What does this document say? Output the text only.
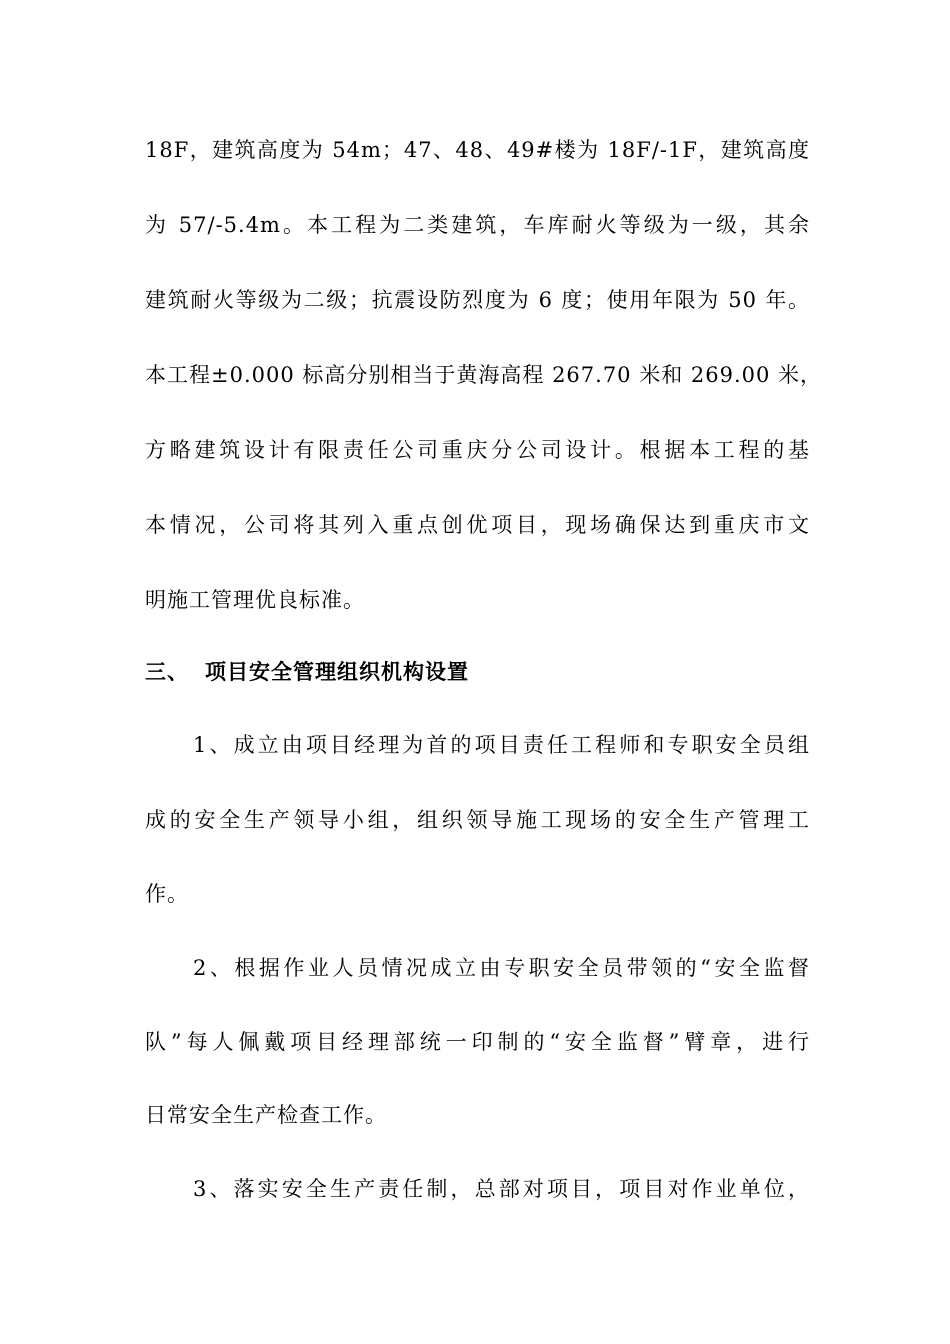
18F，建筑高度为 54m；47、48、49#楼为 18F/-1F，建筑高度
为 57/-5.4m。本工程为二类建筑，车库耐火等级为一级，其余
建筑耐火等级为二级；抗震设防烈度为 6 度；使用年限为 50 年。
本工程±0.000 标高分别相当于黄海高程 267.70 米和 269.00 米，
方略建筑设计有限责任公司重庆分公司设计。根据本工程的基
本情况，公司将其列入重点创优项目，现场确保达到重庆市文
明施工管理优良标准。
三、 项目安全管理组织机构设置
1、成立由项目经理为首的项目责任工程师和专职安全员组
成的安全生产领导小组，组织领导施工现场的安全生产管理工
作。
2、根据作业人员情况成立由专职安全员带领的“安全监督
队”每人佩戴项目经理部统一印制的“安全监督”臂章，进行
日常安全生产检查工作。
3、落实安全生产责任制，总部对项目，项目对作业单位，
